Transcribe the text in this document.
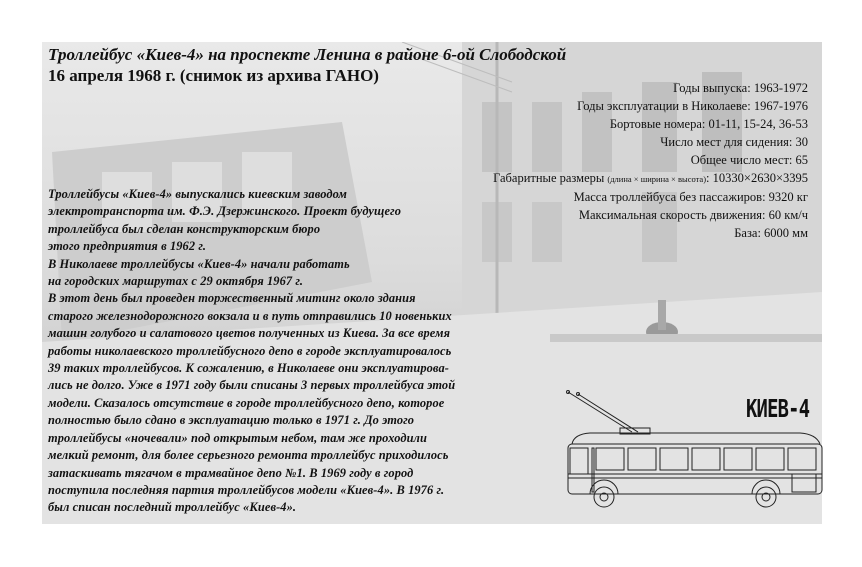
Троллейбус «Киев-4» на проспекте Ленина в районе 6-ой Слободской
16 апреля 1968 г. (снимок из архива ГАНО)
Годы выпуска: 1963-1972
Годы эксплуатации в Николаеве: 1967-1976
Бортовые номера: 01-11, 15-24, 36-53
Число мест для сидения: 30
Общее число мест: 65
Габаритные размеры (длина × ширина × высота): 10330×2630×3395
Масса троллейбуса без пассажиров: 9320 кг
Максимальная скорость движения: 60 км/ч
База: 6000 мм

Троллейбусы «Киев-4» выпускались киевским заводом

электротранспорта им. Ф.Э. Дзержинского. Проект будущего

троллейбуса был сделан конструкторским бюро

этого предприятия в 1962 г.

В Николаеве троллейбусы «Киев-4» начали работать

на городских маршрутах с 29 октября 1967 г.

В этот день был проведен торжественный митинг около здания

старого железнодорожного вокзала и в путь отправились 10 новеньких

машин голубого и салатового цветов полученных из Киева. За все время

работы николаевского троллейбусного депо в городе эксплуатировалось

39 таких троллейбусов. К сожалению, в Николаеве они эксплуатирова-

лись не долго. Уже в 1971 году были списаны 3 первых троллейбуса этой

модели. Сказалось отсутствие в городе троллейбусного депо, которое

полностью было сдано в эксплуатацию только в 1971 г. До этого

троллейбусы «ночевали» под открытым небом, там же проходили

мелкий ремонт, для более серьезного ремонта троллейбус приходилось

затаскивать тягачом в трамвайное депо №1. В 1969 году в город

поступила последняя партия троллейбусов модели «Киев-4». В 1976 г.

был списан последний троллейбус «Киев-4».

КИЕВ-4
